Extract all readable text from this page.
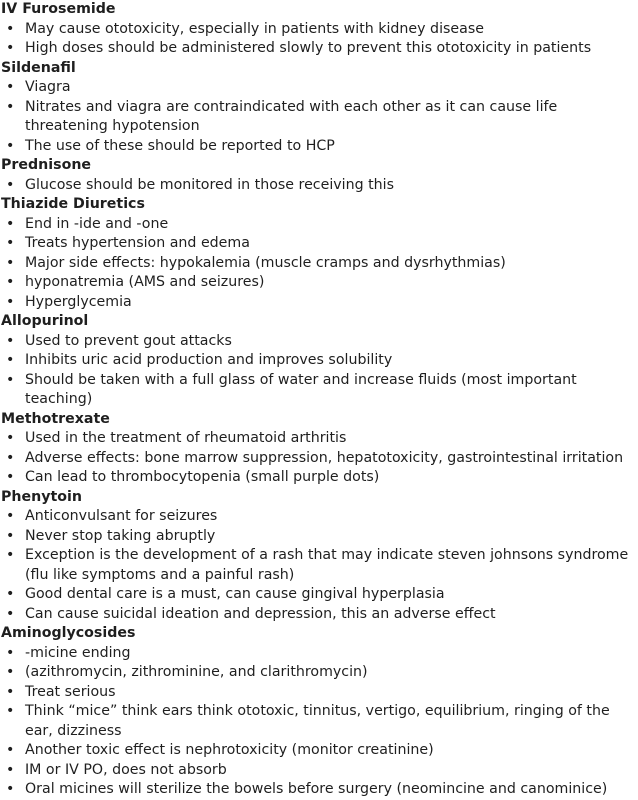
IV Furosemide
• May cause ototoxicity, especially in patients with kidney disease
• High doses should be administered slowly to prevent this ototoxicity in patients
Sildenafil
• Viagra
• Nitrates and viagra are contraindicated with each other as it can cause life threatening hypotension
• The use of these should be reported to HCP
Prednisone
• Glucose should be monitored in those receiving this
Thiazide Diuretics
• End in -ide and -one
• Treats hypertension and edema
• Major side effects: hypokalemia (muscle cramps and dysrhythmias)
• hyponatremia (AMS and seizures)
• Hyperglycemia
Allopurinol
• Used to prevent gout attacks
• Inhibits uric acid production and improves solubility
• Should be taken with a full glass of water and increase fluids (most important teaching)
Methotrexate
• Used in the treatment of rheumatoid arthritis
• Adverse effects: bone marrow suppression, hepatotoxicity, gastrointestinal irritation
• Can lead to thrombocytopenia (small purple dots)
Phenytoin
• Anticonvulsant for seizures
• Never stop taking abruptly
• Exception is the development of a rash that may indicate steven johnsons syndrome (flu like symptoms and a painful rash)
• Good dental care is a must, can cause gingival hyperplasia
• Can cause suicidal ideation and depression, this an adverse effect
Aminoglycosides
• -micine ending
• (azithromycin, zithrominine, and clarithromycin)
• Treat serious
• Think “mice” think ears think ototoxic, tinnitus, vertigo, equilibrium, ringing of the ear, dizziness
• Another toxic effect is nephrotoxicity (monitor creatinine)
• IM or IV PO, does not absorb
• Oral micines will sterilize the bowels before surgery (neomincine and canominice)
